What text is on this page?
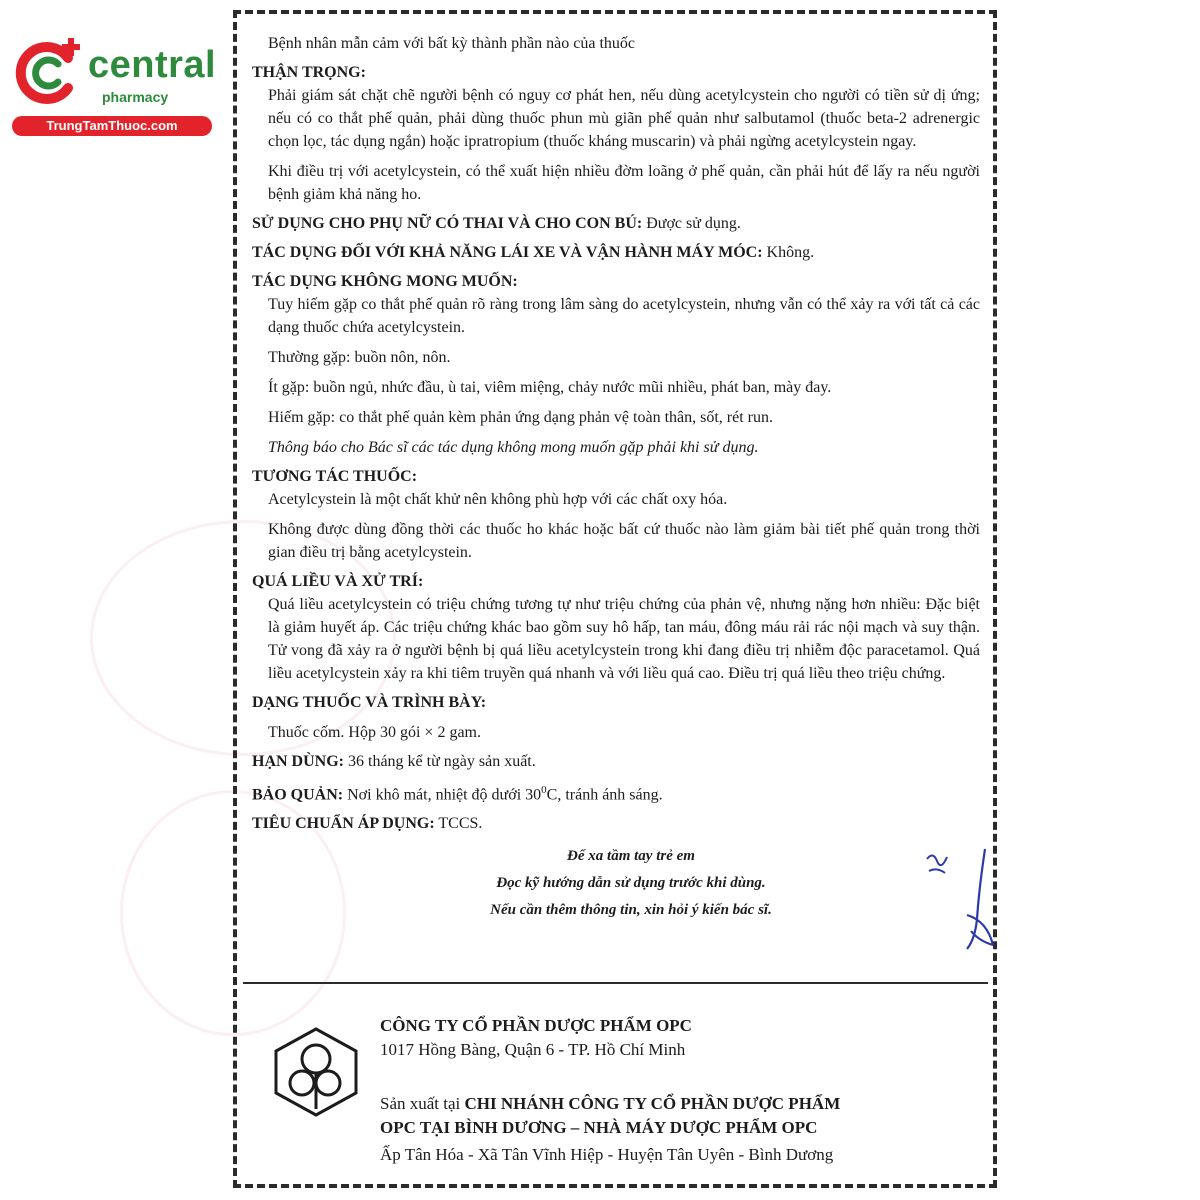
central
pharmacy
TrungTamThuoc.com

Bệnh nhân mẫn cảm với bất kỳ thành phần nào của thuốc

THẬN TRỌNG:

Phải giám sát chặt chẽ người bệnh có nguy cơ phát hen, nếu dùng acetylcystein cho người có tiền sử dị ứng; nếu có co thắt phế quản, phải dùng thuốc phun mù giãn phế quản như salbutamol (thuốc beta-2 adrenergic chọn lọc, tác dụng ngắn) hoặc ipratropium (thuốc kháng muscarin) và phải ngừng acetylcystein ngay.

Khi điều trị với acetylcystein, có thể xuất hiện nhiều đờm loãng ở phế quản, cần phải hút để lấy ra nếu người bệnh giảm khả năng ho.

SỬ DỤNG CHO PHỤ NỮ CÓ THAI VÀ CHO CON BÚ: Được sử dụng.

TÁC DỤNG ĐỐI VỚI KHẢ NĂNG LÁI XE VÀ VẬN HÀNH MÁY MÓC: Không.

TÁC DỤNG KHÔNG MONG MUỐN:

Tuy hiếm gặp co thắt phế quản rõ ràng trong lâm sàng do acetylcystein, nhưng vẫn có thể xảy ra với tất cả các dạng thuốc chứa acetylcystein.

Thường gặp: buồn nôn, nôn.

Ít gặp: buồn ngủ, nhức đầu, ù tai, viêm miệng, chảy nước mũi nhiều, phát ban, mày đay.

Hiếm gặp: co thắt phế quản kèm phản ứng dạng phản vệ toàn thân, sốt, rét run.

Thông báo cho Bác sĩ các tác dụng không mong muốn gặp phải khi sử dụng.

TƯƠNG TÁC THUỐC:

Acetylcystein là một chất khử nên không phù hợp với các chất oxy hóa.

Không được dùng đồng thời các thuốc ho khác hoặc bất cứ thuốc nào làm giảm bài tiết phế quản trong thời gian điều trị bằng acetylcystein.

QUÁ LIỀU VÀ XỬ TRÍ:

Quá liều acetylcystein có triệu chứng tương tự như triệu chứng của phản vệ, nhưng nặng hơn nhiều: Đặc biệt là giảm huyết áp. Các triệu chứng khác bao gồm suy hô hấp, tan máu, đông máu rải rác nội mạch và suy thận. Tử vong đã xảy ra ở người bệnh bị quá liều acetylcystein trong khi đang điều trị nhiễm độc paracetamol. Quá liều acetylcystein xảy ra khi tiêm truyền quá nhanh và với liều quá cao. Điều trị quá liều theo triệu chứng.

DẠNG THUỐC VÀ TRÌNH BÀY:

Thuốc cốm. Hộp 30 gói × 2 gam.

HẠN DÙNG: 36 tháng kể từ ngày sản xuất.

BẢO QUẢN: Nơi khô mát, nhiệt độ dưới $30^0C$, tránh ánh sáng.

TIÊU CHUẨN ÁP DỤNG: TCCS.

Để xa tầm tay trẻ em

Đọc kỹ hướng dẫn sử dụng trước khi dùng.

Nếu cần thêm thông tin, xin hỏi ý kiến bác sĩ.

CÔNG TY CỔ PHẦN DƯỢC PHẨM OPC
1017 Hồng Bàng, Quận 6 - TP. Hồ Chí Minh
Sản xuất tại CHI NHÁNH CÔNG TY CỔ PHẦN DƯỢC PHẨM
OPC TẠI BÌNH DƯƠNG – NHÀ MÁY DƯỢC PHẨM OPC
Ấp Tân Hóa - Xã Tân Vĩnh Hiệp - Huyện Tân Uyên - Bình Dương
